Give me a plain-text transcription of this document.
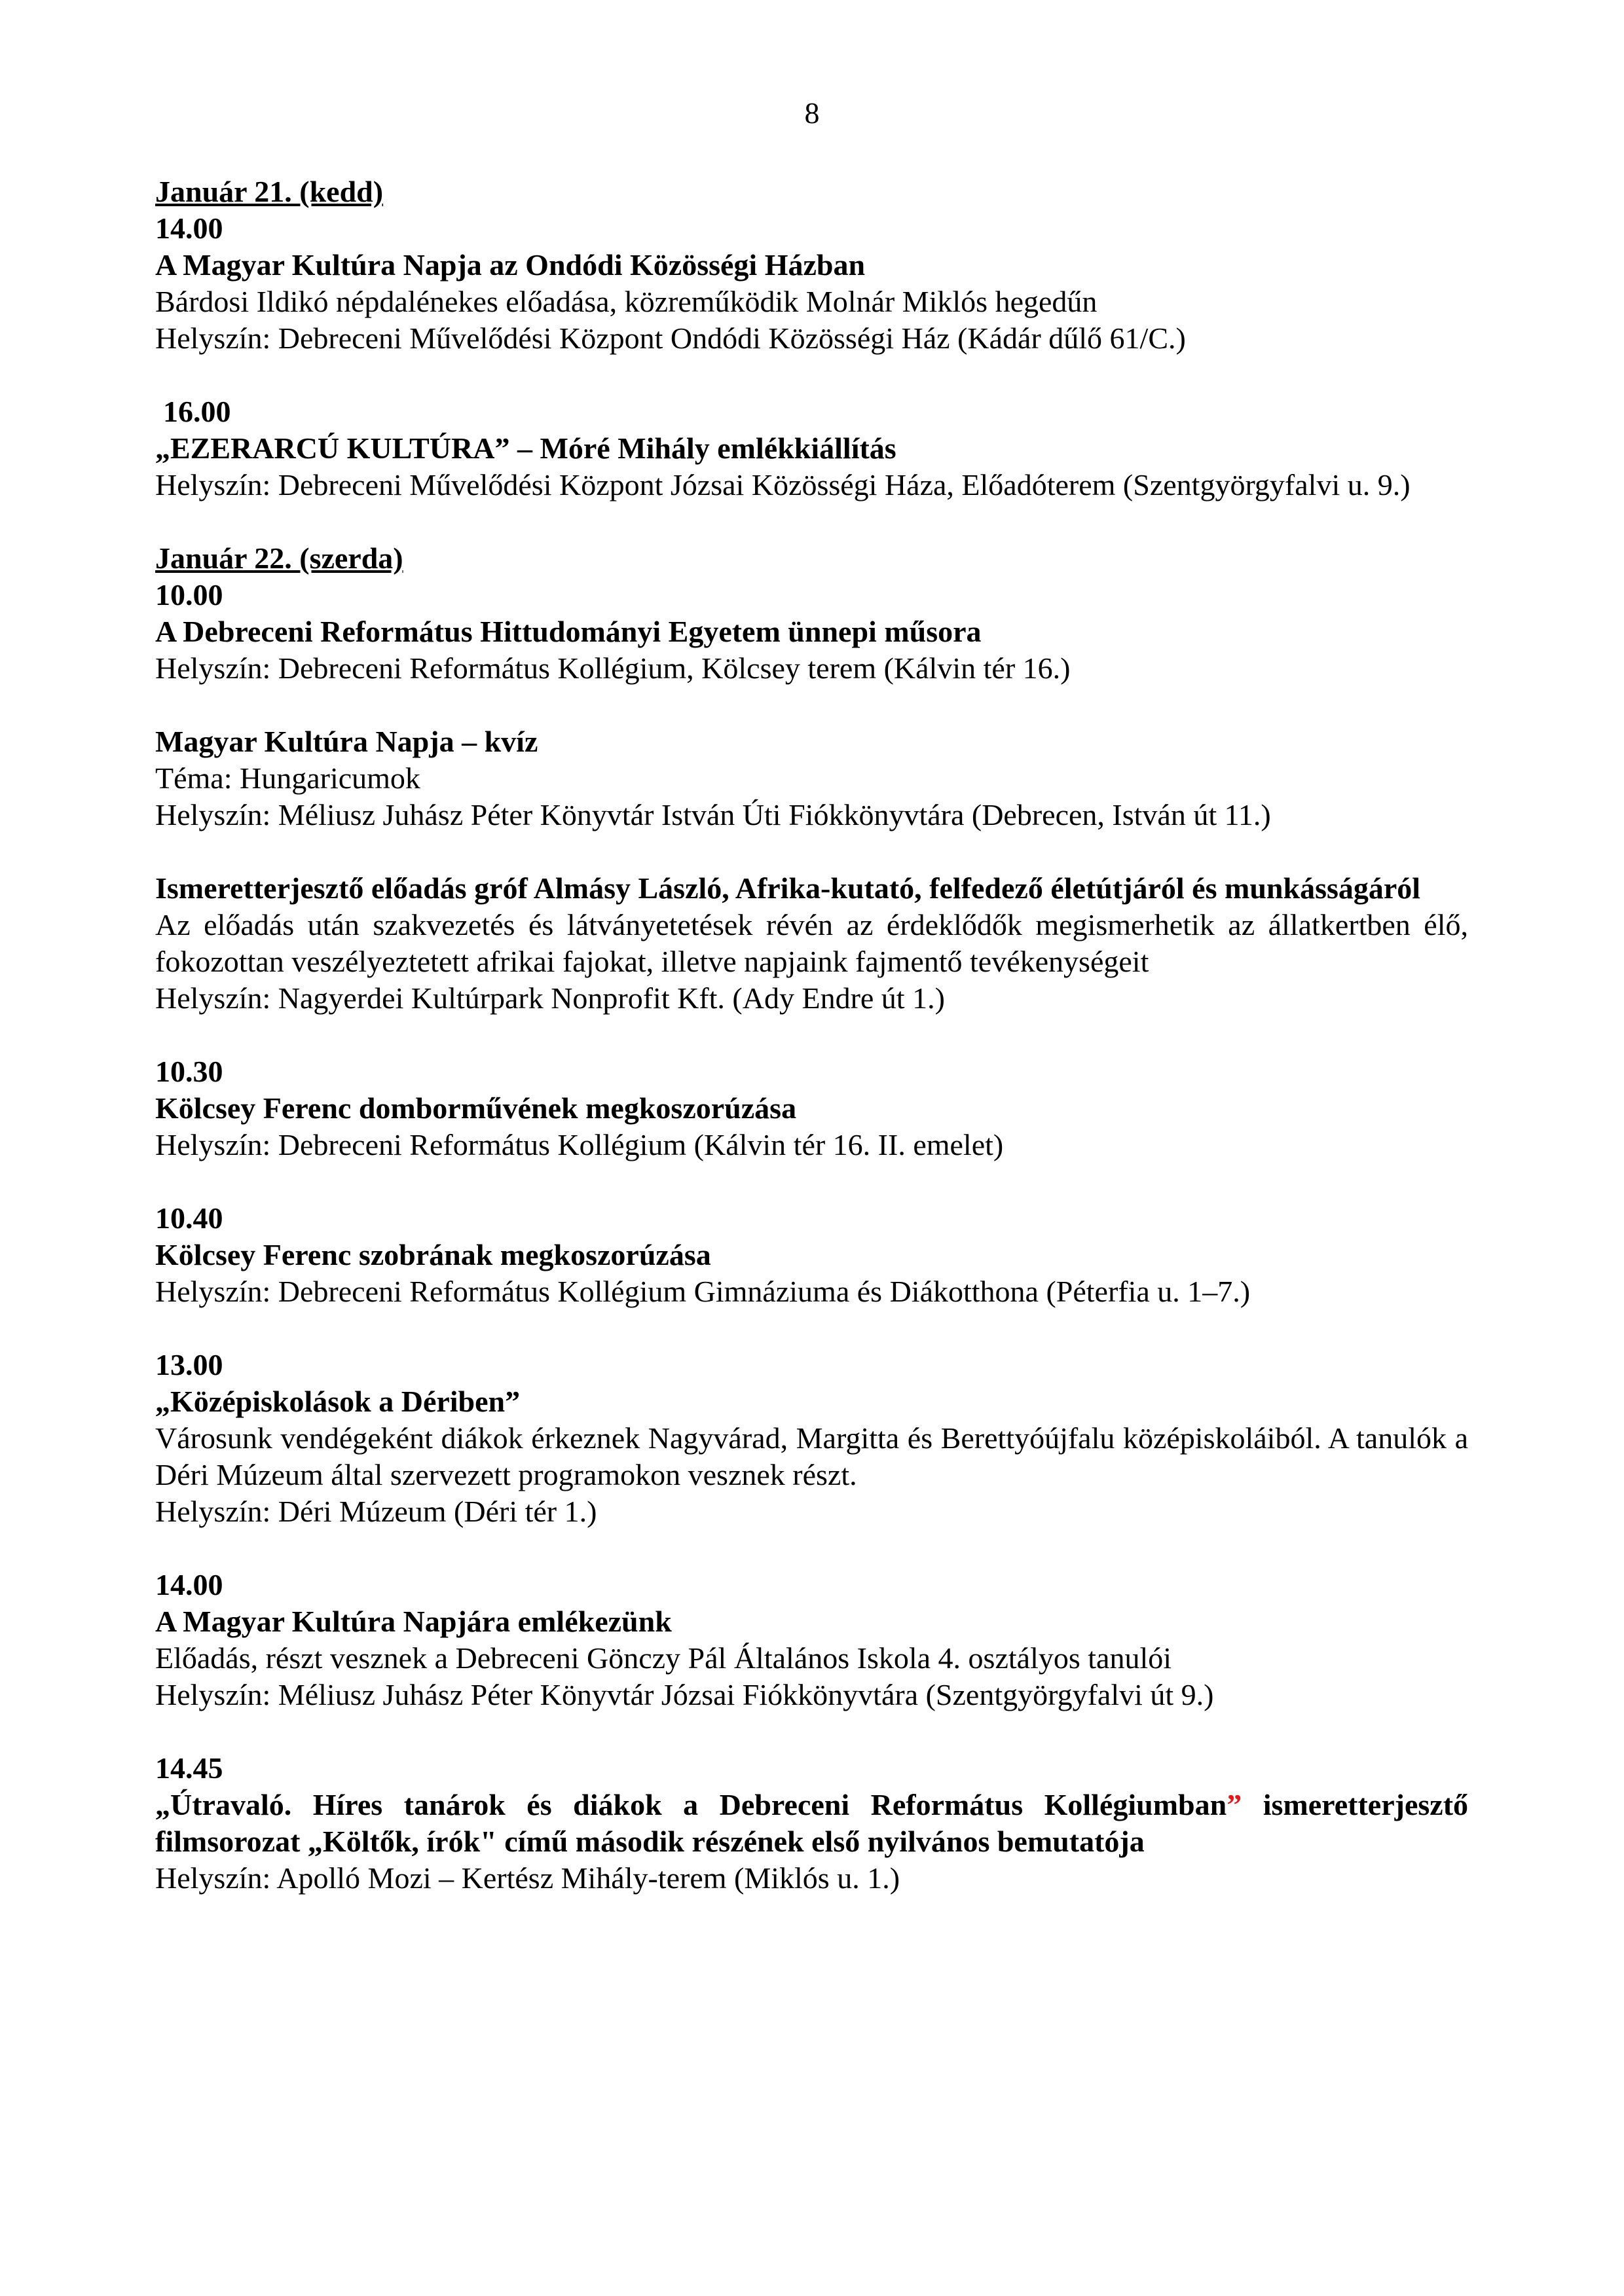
8

Január 21. (kedd)

14.00

A Magyar Kultúra Napja az Ondódi Közösségi Házban

Bárdosi Ildikó népdalénekes előadása, közreműködik Molnár Miklós hegedűn

Helyszín: Debreceni Művelődési Központ Ondódi Közösségi Ház (Kádár dűlő 61/C.)

16.00

„EZERARCÚ KULTÚRA” – Móré Mihály emlékkiállítás

Helyszín: Debreceni Művelődési Központ Józsai Közösségi Háza, Előadóterem (Szentgyörgyfalvi u. 9.)

Január 22. (szerda)

10.00

A Debreceni Református Hittudományi Egyetem ünnepi műsora

Helyszín: Debreceni Református Kollégium, Kölcsey terem (Kálvin tér 16.)

Magyar Kultúra Napja – kvíz

Téma: Hungaricumok

Helyszín: Méliusz Juhász Péter Könyvtár István Úti Fiókkönyvtára (Debrecen, István út 11.)

Ismeretterjesztő előadás gróf Almásy László, Afrika-kutató, felfedező életútjáról és munkásságáról

Az előadás után szakvezetés és látványetetések révén az érdeklődők megismerhetik az állatkertben élő, fokozottan veszélyeztetett afrikai fajokat, illetve napjaink fajmentő tevékenységeit

Helyszín: Nagyerdei Kultúrpark Nonprofit Kft. (Ady Endre út 1.)

10.30

Kölcsey Ferenc domborművének megkoszorúzása

Helyszín: Debreceni Református Kollégium (Kálvin tér 16. II. emelet)

10.40

Kölcsey Ferenc szobrának megkoszorúzása

Helyszín: Debreceni Református Kollégium Gimnáziuma és Diákotthona (Péterfia u. 1–7.)

13.00

„Középiskolások a Dériben”

Városunk vendégeként diákok érkeznek Nagyvárad, Margitta és Berettyóújfalu középiskoláiból. A tanulók a Déri Múzeum által szervezett programokon vesznek részt.

Helyszín: Déri Múzeum (Déri tér 1.)

14.00

A Magyar Kultúra Napjára emlékezünk

Előadás, részt vesznek a Debreceni Gönczy Pál Általános Iskola 4. osztályos tanulói

Helyszín: Méliusz Juhász Péter Könyvtár Józsai Fiókkönyvtára (Szentgyörgyfalvi út 9.)

14.45

„Útravaló. Híres tanárok és diákok a Debreceni Református Kollégiumban” ismeretterjesztő filmsorozat „Költők, írók" című második részének első nyilvános bemutatója

Helyszín: Apolló Mozi – Kertész Mihály-terem (Miklós u. 1.)
